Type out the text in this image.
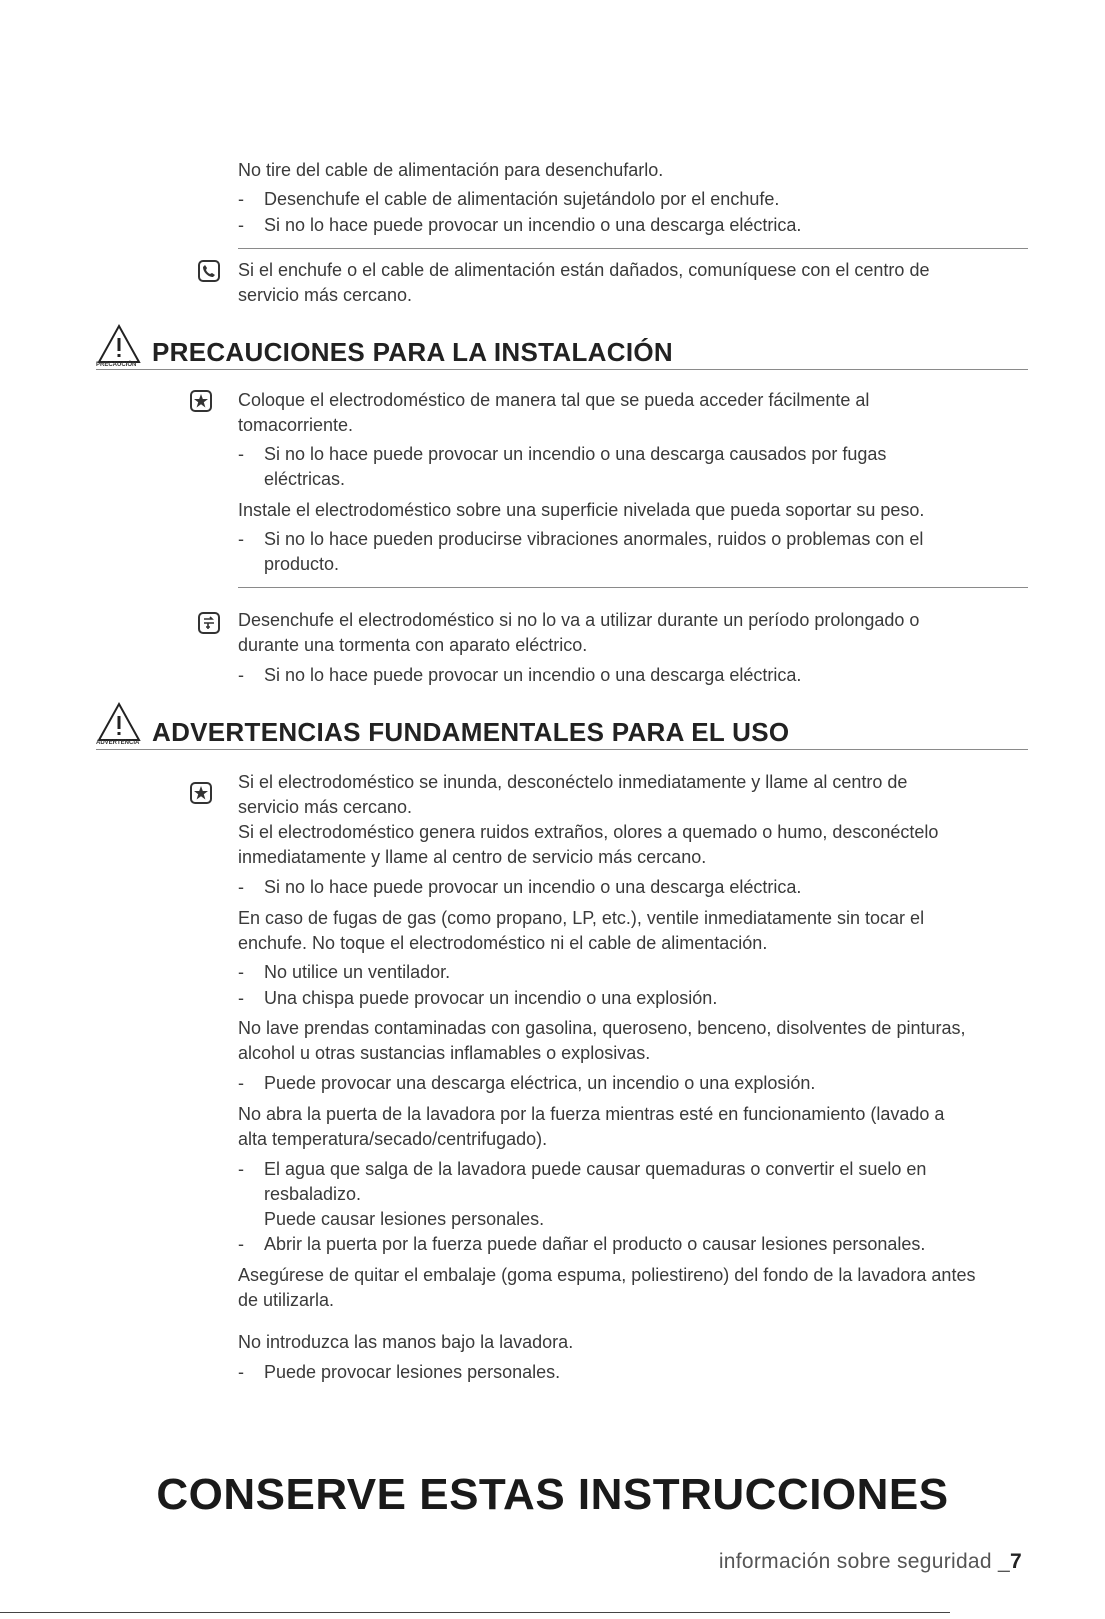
No tire del cable de alimentación para desenchufarlo.
- Desenchufe el cable de alimentación sujetándolo por el enchufe.
- Si no lo hace puede provocar un incendio o una descarga eléctrica.
Si el enchufe o el cable de alimentación están dañados, comuníquese con el centro de
servicio más cercano.
PRECAUCIÓN PRECAUCIONES PARA LA INSTALACIÓN
Coloque el electrodoméstico de manera tal que se pueda acceder fácilmente al
tomacorriente.
- Si no lo hace puede provocar un incendio o una descarga causados por fugas
eléctricas.
Instale el electrodoméstico sobre una superficie nivelada que pueda soportar su peso.
- Si no lo hace pueden producirse vibraciones anormales, ruidos o problemas con el
producto.
Desenchufe el electrodoméstico si no lo va a utilizar durante un período prolongado o
durante una tormenta con aparato eléctrico.
- Si no lo hace puede provocar un incendio o una descarga eléctrica.
ADVERTENCIA ADVERTENCIAS FUNDAMENTALES PARA EL USO
Si el electrodoméstico se inunda, desconéctelo inmediatamente y llame al centro de
servicio más cercano.
Si el electrodoméstico genera ruidos extraños, olores a quemado o humo, desconéctelo
inmediatamente y llame al centro de servicio más cercano.
- Si no lo hace puede provocar un incendio o una descarga eléctrica.
En caso de fugas de gas (como propano, LP, etc.), ventile inmediatamente sin tocar el
enchufe. No toque el electrodoméstico ni el cable de alimentación.
- No utilice un ventilador.
- Una chispa puede provocar un incendio o una explosión.
No lave prendas contaminadas con gasolina, queroseno, benceno, disolventes de pinturas,
alcohol u otras sustancias inflamables o explosivas.
- Puede provocar una descarga eléctrica, un incendio o una explosión.
No abra la puerta de la lavadora por la fuerza mientras esté en funcionamiento (lavado a
alta temperatura/secado/centrifugado).
- El agua que salga de la lavadora puede causar quemaduras o convertir el suelo en
resbaladizo.
Puede causar lesiones personales.
- Abrir la puerta por la fuerza puede dañar el producto o causar lesiones personales.
Asegúrese de quitar el embalaje (goma espuma, poliestireno) del fondo de la lavadora antes
de utilizarla.
No introduzca las manos bajo la lavadora.
- Puede provocar lesiones personales.
CONSERVE ESTAS INSTRUCCIONES
información sobre seguridad _7
